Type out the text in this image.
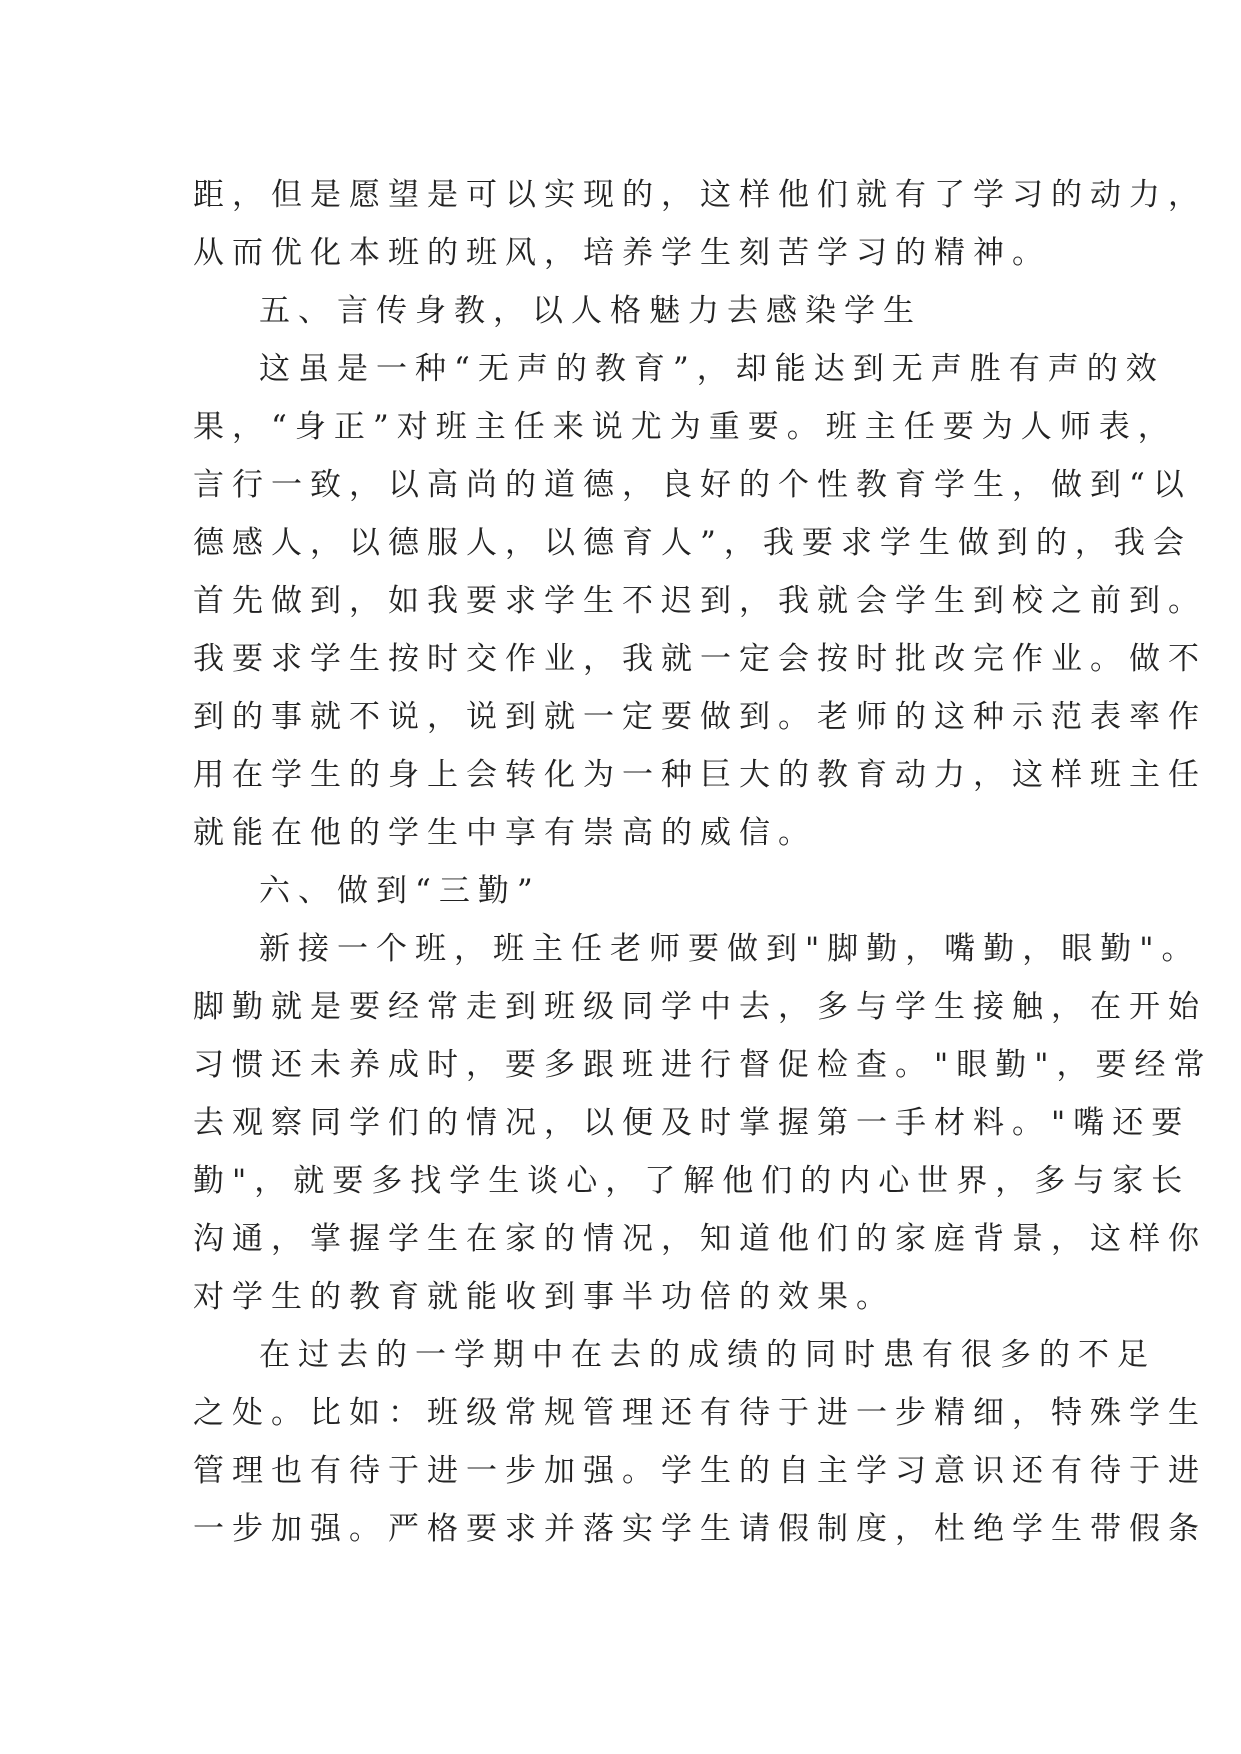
距，但是愿望是可以实现的，这样他们就有了学习的动力，
从而优化本班的班风，培养学生刻苦学习的精神。
五、言传身教，以人格魅力去感染学生
这虽是一种“无声的教育”，却能达到无声胜有声的效
果，“身正”对班主任来说尤为重要。班主任要为人师表，
言行一致，以高尚的道德，良好的个性教育学生，做到“以
德感人，以德服人，以德育人”，我要求学生做到的，我会
首先做到，如我要求学生不迟到，我就会学生到校之前到。
我要求学生按时交作业，我就一定会按时批改完作业。做不
到的事就不说，说到就一定要做到。老师的这种示范表率作
用在学生的身上会转化为一种巨大的教育动力，这样班主任
就能在他的学生中享有崇高的威信。
六、做到“三勤”
新接一个班，班主任老师要做到"脚勤，嘴勤，眼勤"。
脚勤就是要经常走到班级同学中去，多与学生接触，在开始
习惯还未养成时，要多跟班进行督促检查。"眼勤"，要经常
去观察同学们的情况，以便及时掌握第一手材料。"嘴还要
勤"，就要多找学生谈心，了解他们的内心世界，多与家长
沟通，掌握学生在家的情况，知道他们的家庭背景，这样你
对学生的教育就能收到事半功倍的效果。
在过去的一学期中在去的成绩的同时患有很多的不足
之处。比如：班级常规管理还有待于进一步精细，特殊学生
管理也有待于进一步加强。学生的自主学习意识还有待于进
一步加强。严格要求并落实学生请假制度，杜绝学生带假条
